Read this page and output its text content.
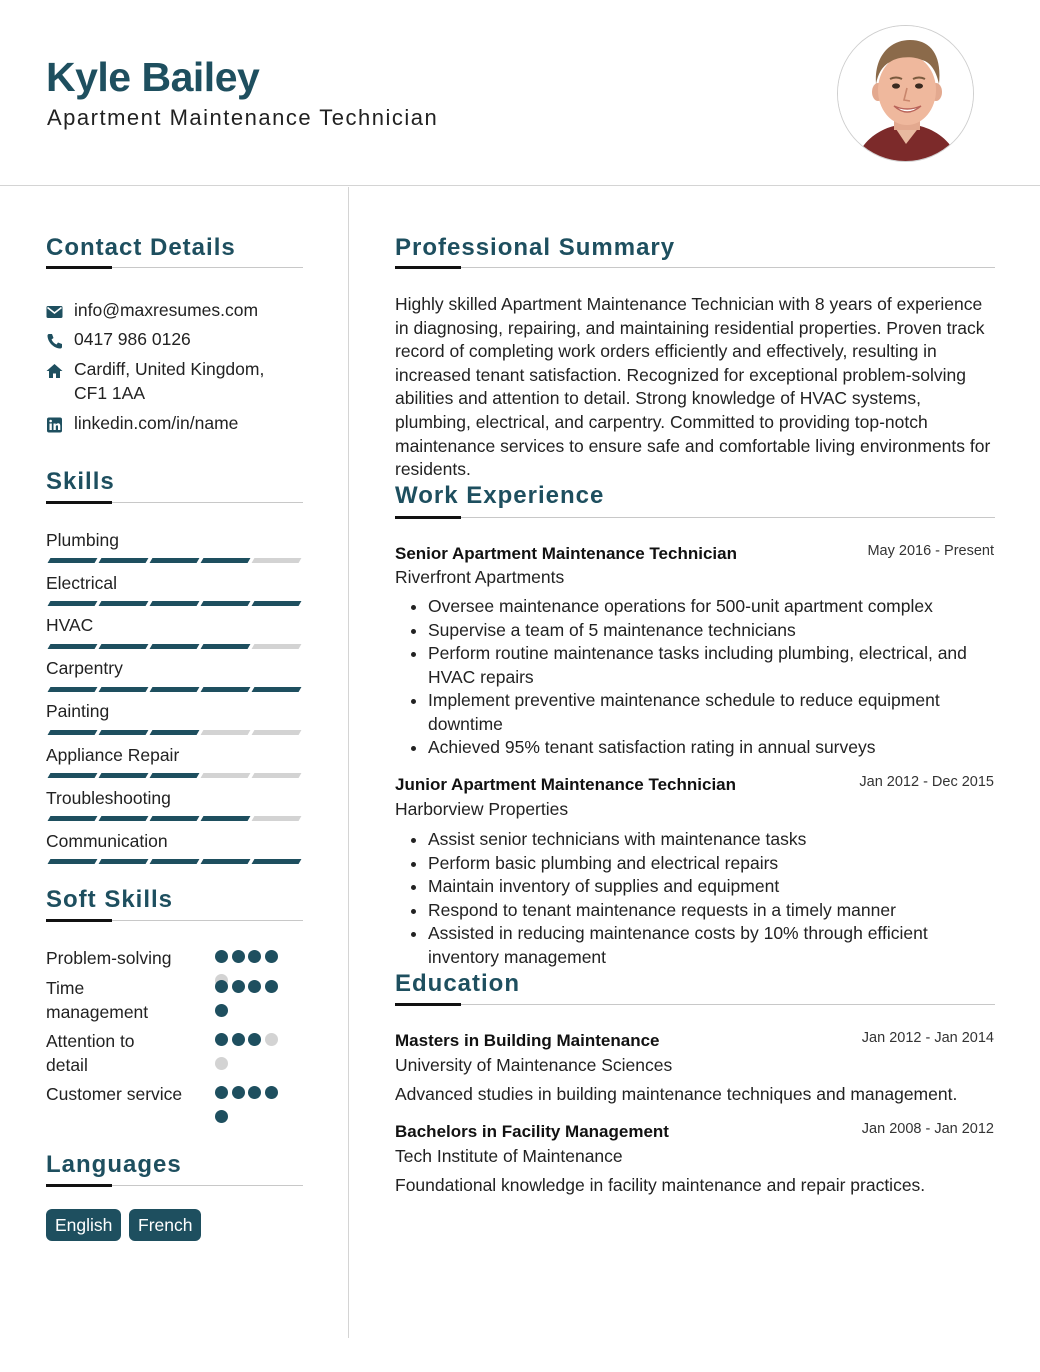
Kyle Bailey
Apartment Maintenance Technician
Contact Details
info@maxresumes.com
0417 986 0126
Cardiff, United Kingdom,
CF1 1AA
linkedin.com/in/name
Skills
Plumbing
Electrical
HVAC
Carpentry
Painting
Appliance Repair
Troubleshooting
Communication
Soft Skills
Problem-solving
Time
management
Attention to
detail
Customer service
Languages
English	French
Professional Summary
Highly skilled Apartment Maintenance Technician with 8 years of experience in diagnosing, repairing, and maintaining residential properties. Proven track record of completing work orders efficiently and effectively, resulting in increased tenant satisfaction. Recognized for exceptional problem-solving abilities and attention to detail. Strong knowledge of HVAC systems, plumbing, electrical, and carpentry. Committed to providing top-notch maintenance services to ensure safe and comfortable living environments for residents.
Work Experience
Senior Apartment Maintenance Technician	May 2016 - Present
Riverfront Apartments
Oversee maintenance operations for 500-unit apartment complex
Supervise a team of 5 maintenance technicians
Perform routine maintenance tasks including plumbing, electrical, and HVAC repairs
Implement preventive maintenance schedule to reduce equipment downtime
Achieved 95% tenant satisfaction rating in annual surveys
Junior Apartment Maintenance Technician	Jan 2012 - Dec 2015
Harborview Properties
Assist senior technicians with maintenance tasks
Perform basic plumbing and electrical repairs
Maintain inventory of supplies and equipment
Respond to tenant maintenance requests in a timely manner
Assisted in reducing maintenance costs by 10% through efficient inventory management
Education
Masters in Building Maintenance	Jan 2012 - Jan 2014
University of Maintenance Sciences
Advanced studies in building maintenance techniques and management.
Bachelors in Facility Management	Jan 2008 - Jan 2012
Tech Institute of Maintenance
Foundational knowledge in facility maintenance and repair practices.
